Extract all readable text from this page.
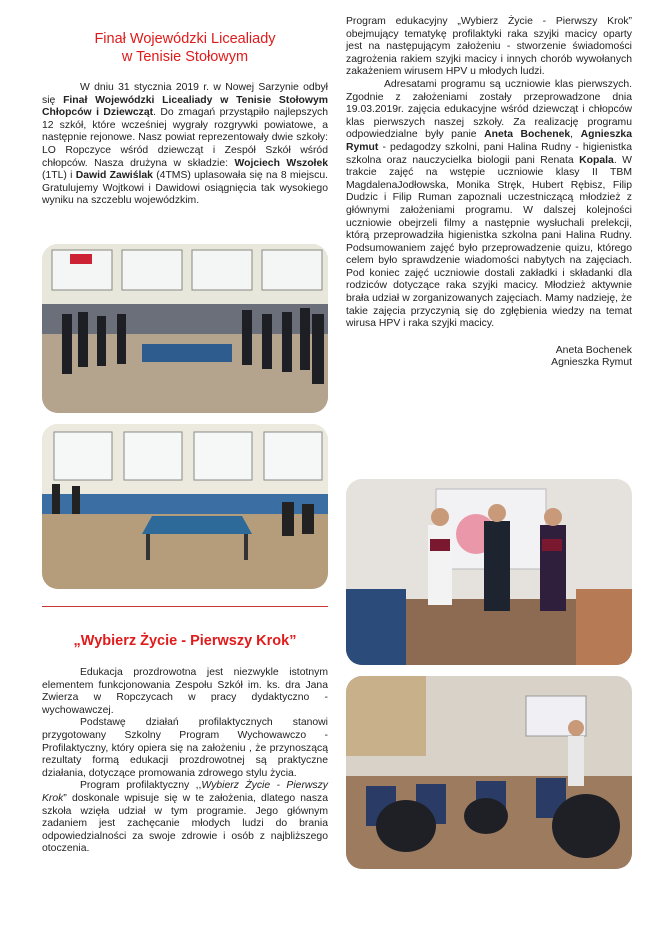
Finał Wojewódzki Licealiady
w Tenisie Stołowym

W dniu 31 stycznia 2019 r. w Nowej Sarzynie odbył się Finał Wojewódzki Licealiady w Tenisie Stołowym Chłopców i Dziewcząt. Do zmagań przystąpiło najlepszych 12 szkół, które wcześniej wygrały rozgrywki powiatowe, a następnie rejonowe. Nasz powiat reprezentowały dwie szkoły: LO Ropczyce wśród dziewcząt i Zespół Szkół wśród chłopców. Nasza drużyna w składzie: Wojciech Wszołek (1TL) i Dawid Zawiślak (4TMS) uplasowała się na 8 miejscu. Gratulujemy Wojtkowi i Dawidowi osiągnięcia tak wysokiego wyniku na szczeblu wojewódzkim.

„Wybierz Życie - Pierwszy Krok”

Edukacja prozdrowotna jest niezwykle istotnym elementem funkcjonowania Zespołu Szkół im. ks. dra Jana Zwierza w Ropczycach w pracy dydaktyczno - wychowawczej.

Podstawę działań profilaktycznych stanowi przygotowany Szkolny Program Wychowawczo - Profilaktyczny, który opiera się na założeniu , że przynoszącą rezultaty formą edukacji prozdrowotnej są praktyczne działania, dotyczące promowania zdrowego stylu życia.

Program profilaktyczny ,,Wybierz Życie - Pierwszy Krok” doskonale wpisuje się w te założenia, dlatego nasza szkoła wzięła udział w tym programie. Jego głównym zadaniem jest zachęcanie młodych ludzi do brania odpowiedzialności za swoje zdrowie i osób z najbliższego otoczenia.

Program edukacyjny „Wybierz Życie - Pierwszy Krok” obejmujący tematykę profilaktyki raka szyjki macicy oparty jest na następującym założeniu - stworzenie świadomości zagrożenia rakiem szyjki macicy i innych chorób wywołanych zakażeniem wirusem HPV u młodych ludzi.

Adresatami programu są uczniowie klas pierwszych. Zgodnie z założeniami zostały przeprowadzone dnia 19.03.2019r. zajęcia edukacyjne wśród dziewcząt i chłopców klas pierwszych naszej szkoły. Za realizację programu odpowiedzialne były panie Aneta Bochenek, Agnieszka Rymut - pedagodzy szkolni, pani Halina Rudny - higienistka szkolna oraz nauczycielka biologii pani Renata Kopala. W trakcie zajęć na wstępie uczniowie klasy II TBM MagdalenaJodłowska, Monika Stręk, Hubert Rębisz, Filip Dudzic i Filip Ruman zapoznali uczestniczącą młodzież z głównymi założeniami programu. W dalszej kolejności uczniowie obejrzeli filmy a następnie wysłuchali prelekcji, którą przeprowadziła higienistka szkolna pani Halina Rudny. Podsumowaniem zajęć było przeprowadzenie quizu, którego celem było sprawdzenie wiadomości nabytych na zajęciach. Pod koniec zajęć uczniowie dostali zakładki i składanki dla rodziców dotyczące raka szyjki macicy. Młodzież aktywnie brała udział w zorganizowanych zajęciach. Mamy nadzieję, że takie zajęcia przyczynią się do zgłębienia wiedzy na temat wirusa HPV i raka szyjki macicy.

Aneta Bochenek
Agnieszka Rymut
